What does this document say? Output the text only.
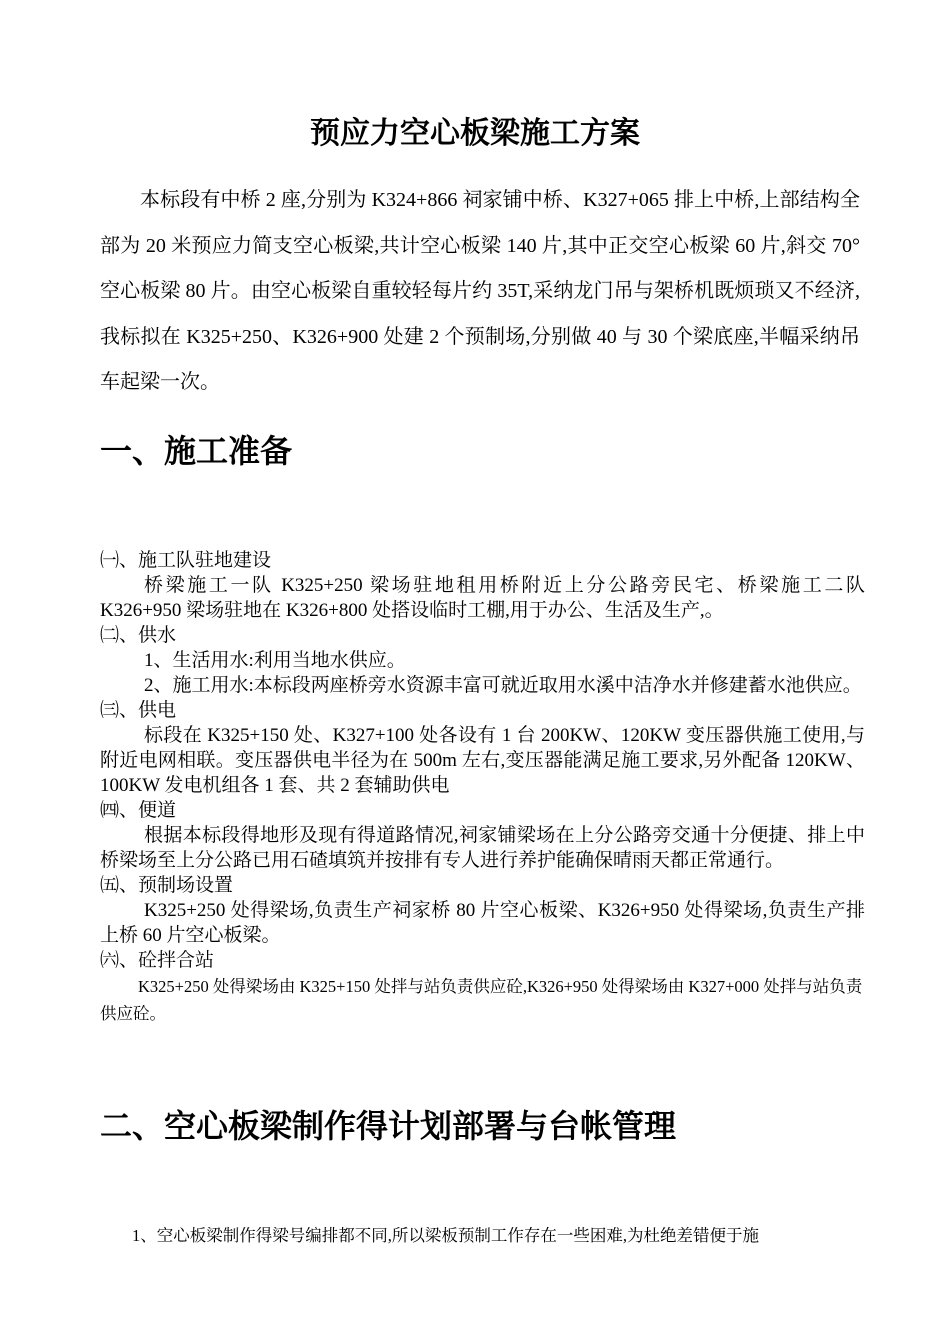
预应力空心板梁施工方案

本标段有中桥 2 座,分别为 K324+866 祠家铺中桥、K327+065 排上中桥,上部结构全部为 20 米预应力简支空心板梁,共计空心板梁 140 片,其中正交空心板梁 60 片,斜交 70° 空心板梁 80 片。由空心板梁自重较轻每片约 35T,采纳龙门吊与架桥机既烦琐又不经济,我标拟在 K325+250、K326+900 处建 2 个预制场,分别做 40 与 30 个梁底座,半幅采纳吊车起梁一次。

一、施工准备

㈠、施工队驻地建设

桥梁施工一队 K325+250 梁场驻地租用桥附近上分公路旁民宅、桥梁施工二队 K326+950 梁场驻地在 K326+800 处搭设临时工棚,用于办公、生活及生产,。

㈡、供水

1、生活用水:利用当地水供应。

2、施工用水:本标段两座桥旁水资源丰富可就近取用水溪中洁净水并修建蓄水池供应。

㈢、供电

标段在 K325+150 处、K327+100 处各设有 1 台 200KW、120KW 变压器供施工使用,与附近电网相联。变压器供电半径为在 500m 左右,变压器能满足施工要求,另外配备 120KW、100KW 发电机组各 1 套、共 2 套辅助供电

㈣、便道

根据本标段得地形及现有得道路情况,祠家铺梁场在上分公路旁交通十分便捷、排上中桥梁场至上分公路已用石碴填筑并按排有专人进行养护能确保晴雨天都正常通行。

㈤、预制场设置

K325+250 处得梁场,负责生产祠家桥 80 片空心板梁、K326+950 处得梁场,负责生产排上桥 60 片空心板梁。

㈥、砼拌合站

K325+250 处得梁场由 K325+150 处拌与站负责供应砼,K326+950 处得梁场由 K327+000 处拌与站负责供应砼。

二、空心板梁制作得计划部署与台帐管理

1、空心板梁制作得梁号编排都不同,所以梁板预制工作存在一些困难,为杜绝差错便于施
